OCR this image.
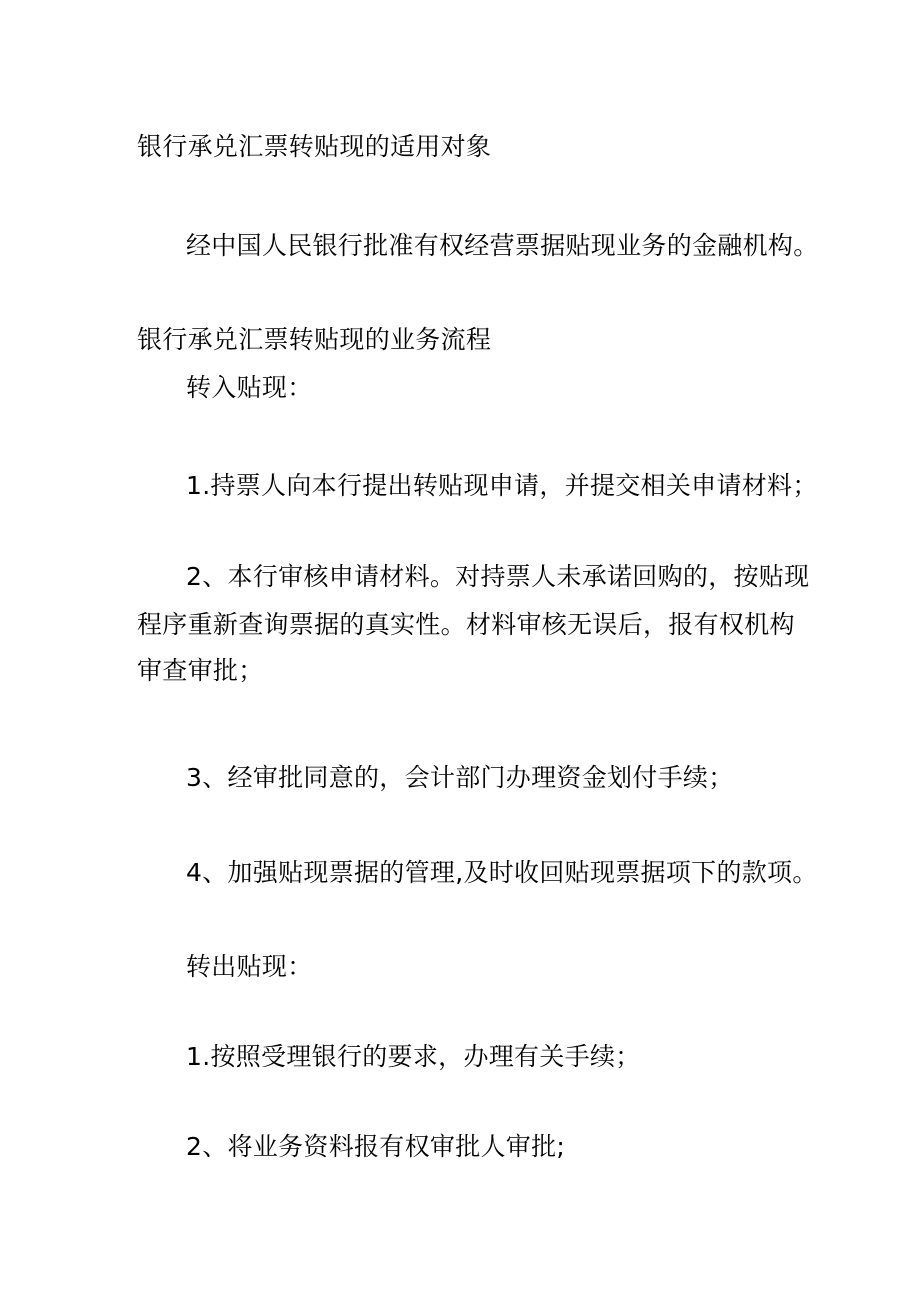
银行承兑汇票转贴现的适用对象
经中国人民银行批准有权经营票据贴现业务的金融机构。
银行承兑汇票转贴现的业务流程
转入贴现：
1.持票人向本行提出转贴现申请，并提交相关申请材料；
2、本行审核申请材料。对持票人未承诺回购的，按贴现
程序重新查询票据的真实性。材料审核无误后，报有权机构
审查审批；
3、经审批同意的，会计部门办理资金划付手续；
4、加强贴现票据的管理,及时收回贴现票据项下的款项。
转出贴现：
1.按照受理银行的要求，办理有关手续；
2、将业务资料报有权审批人审批;
